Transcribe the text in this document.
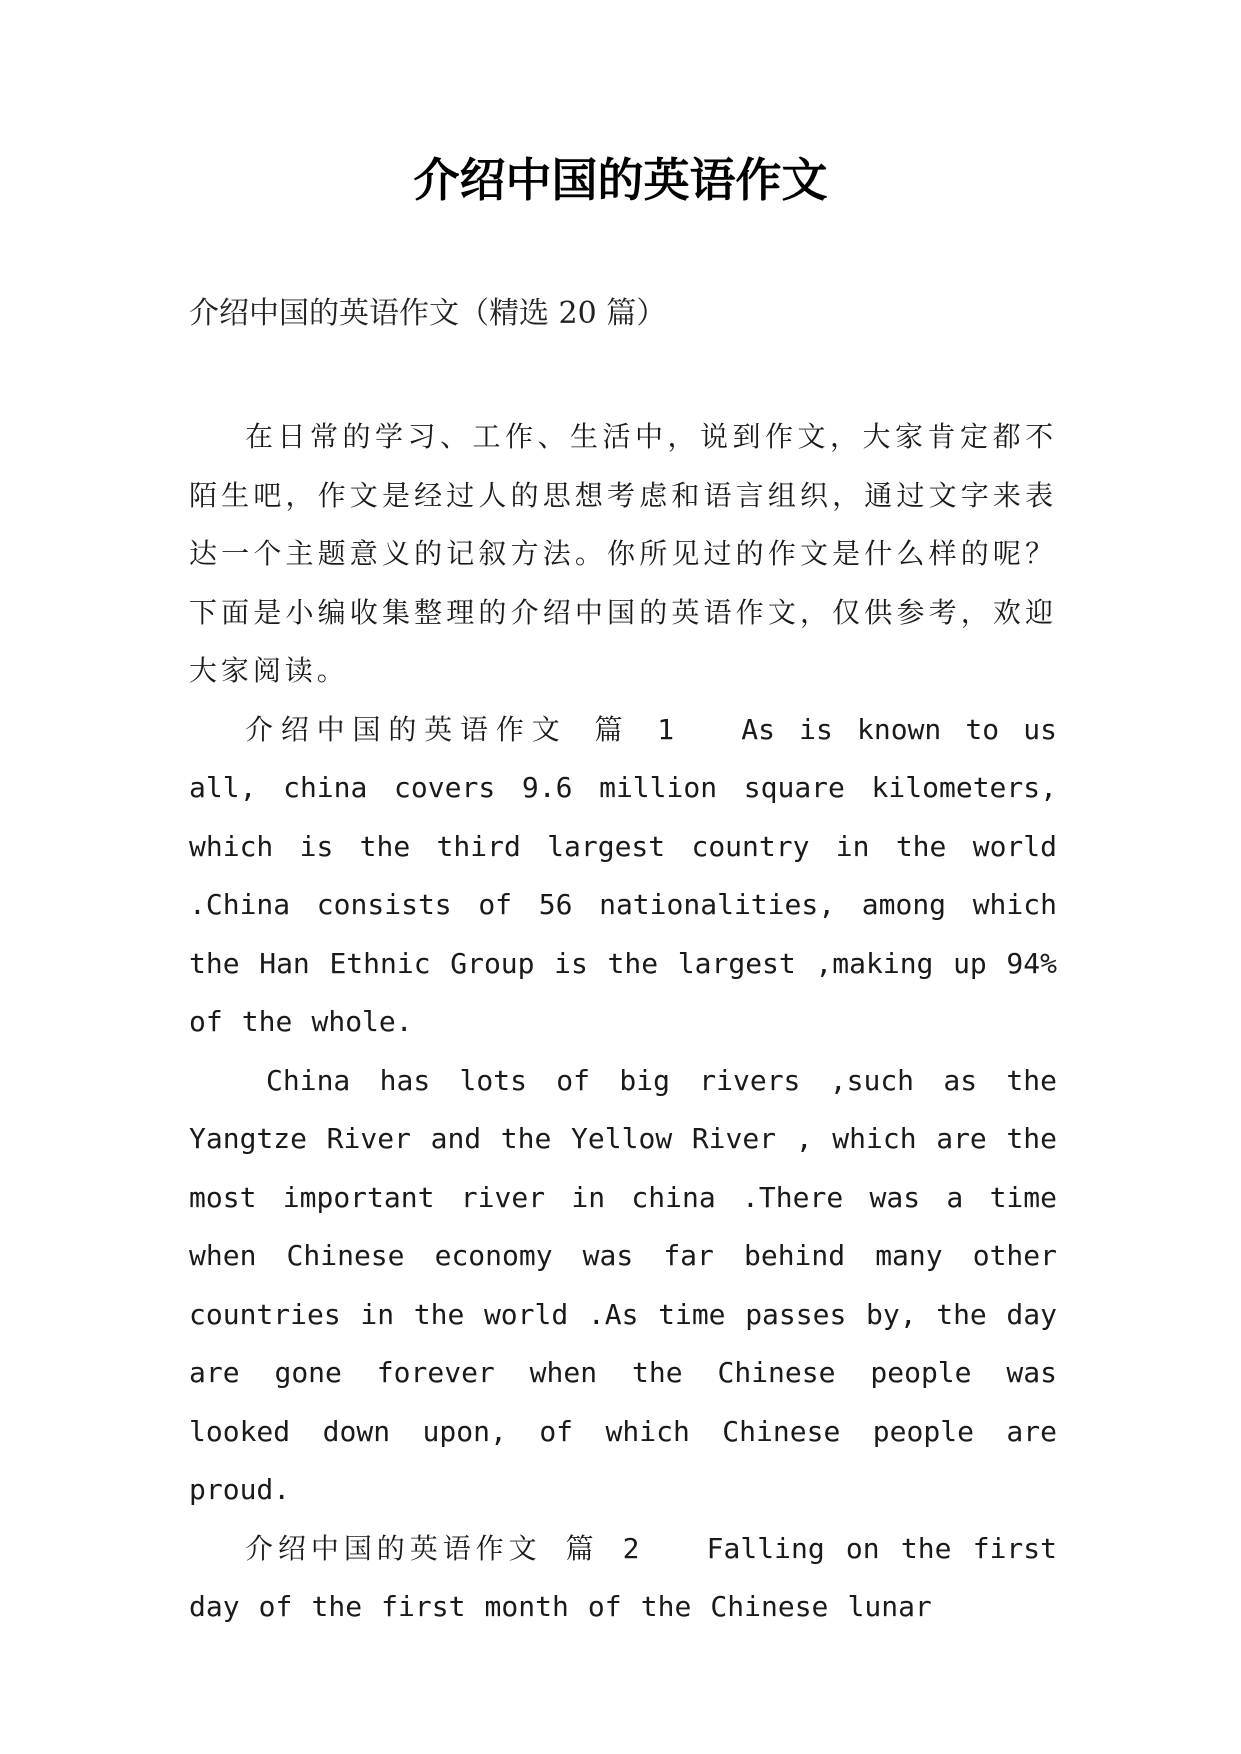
介绍中国的英语作文

介绍中国的英语作文（精选 20 篇）

在日常的学习、工作、生活中，说到作文，大家肯定都不陌生吧，作文是经过人的思想考虑和语言组织，通过文字来表达一个主题意义的记叙方法。你所见过的作文是什么样的呢？下面是小编收集整理的介绍中国的英语作文，仅供参考，欢迎大家阅读。

介绍中国的英语作文 篇 1 As is known to us all, china covers 9.6 million square kilometers, which is the third largest country in the world .China consists of 56 nationalities, among which the Han Ethnic Group is the largest ,making up 94% of the whole.

China has lots of big rivers ,such as the Yangtze River and the Yellow River , which are the most important river in china .There was a time when Chinese economy was far behind many other countries in the world .As time passes by, the day are gone forever when the Chinese people was looked down upon, of which Chinese people are proud.

介绍中国的英语作文 篇 2 Falling on the first day of the first month of the Chinese lunar
